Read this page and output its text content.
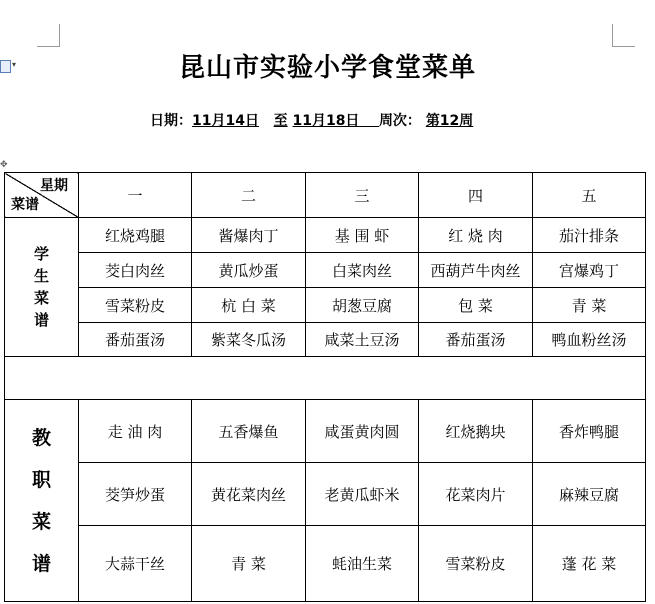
▾
✥
昆山市实验小学食堂菜单
日期：11月14日 至 11月18日 周次： 第12周
星期
菜谱	一	二	三	四	五

学
生
菜
谱	红烧鸡腿	酱爆肉丁	基 围 虾	红 烧 肉	茄汁排条
	茭白肉丝	黄瓜炒蛋	白菜肉丝	西葫芦牛肉丝	宫爆鸡丁
	雪菜粉皮	杭 白 菜	胡葱豆腐	包 菜	青 菜
	番茄蛋汤	紫菜冬瓜汤	咸菜土豆汤	番茄蛋汤	鸭血粉丝汤

教
职
菜
谱	走 油 肉	五香爆鱼	咸蛋黄肉圆	红烧鹅块	香炸鸭腿
	茭笋炒蛋	黄花菜肉丝	老黄瓜虾米	花菜肉片	麻辣豆腐
	大蒜干丝	青 菜	蚝油生菜	雪菜粉皮	蓬 花 菜
